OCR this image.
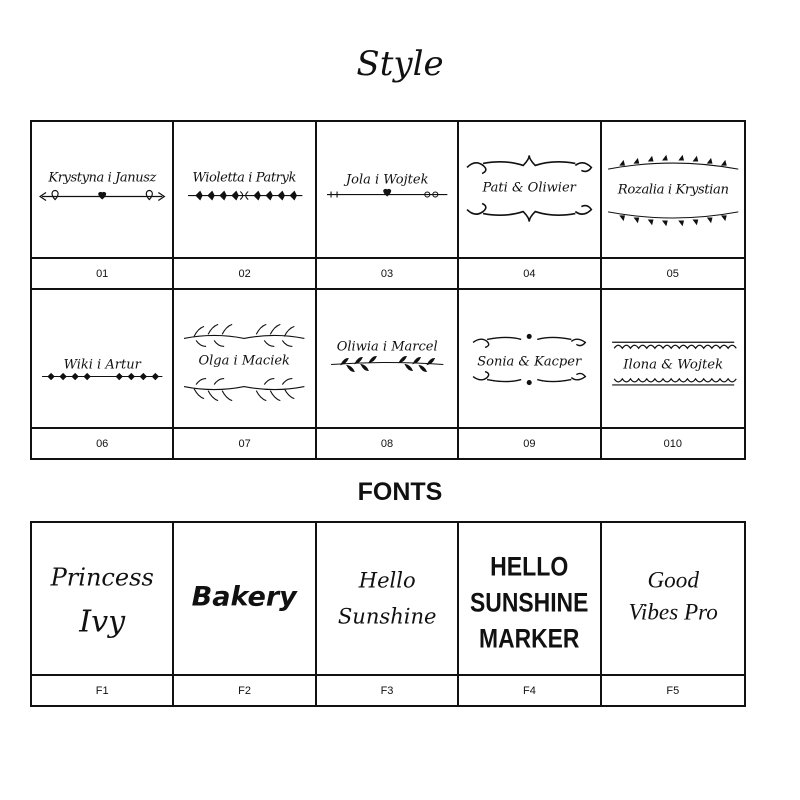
Style
Krystyna i Janusz
01
Wioletta i Patryk
02
Jola i Wojtek
03
Pati & Oliwier
04
Rozalia i Krystian
05
Wiki i Artur
06
Olga i Maciek
07
Oliwia i Marcel
08
Sonia & Kacper
09
Ilona & Wojtek
010
FONTS
Princess
Ivy
F1
Bakery
F2
Hello
Sunshine
F3
HELLO
SUNSHINE
MARKER
F4
Good
Vibes Pro
F5
